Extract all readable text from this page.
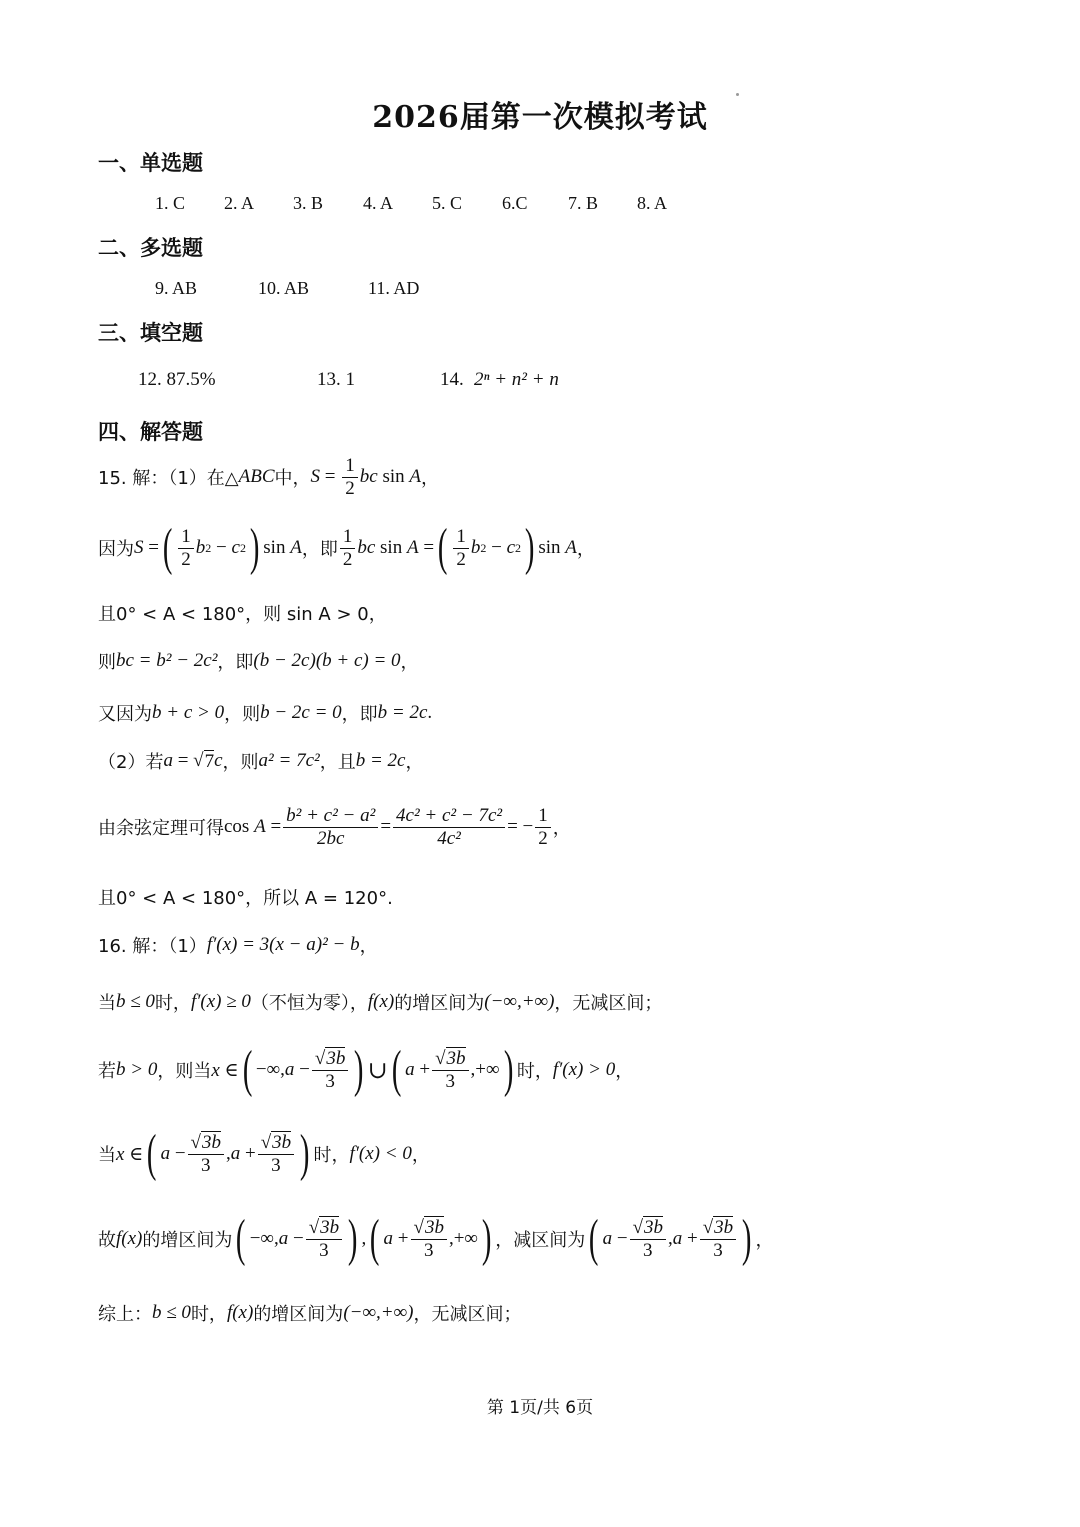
2026届第一次模拟考试
一、单选题
1. C 2. A 3. B 4. A 5. C 6.C 7. B 8. A
二、多选题
9. AB	10. AB	11. AD
三、填空题
12. 87.5%	13. 1	14. 2ⁿ + n² + n
四、解答题
15. 解：（1）在△ ABC 中， $S = \frac{1}{2}$ bc sin A ，
因为 S = ( $\frac{1}{2}$ b 2 − c 2 ) sin A ，即 $\frac{1}{2}$ bc sin A = ( $\frac{1}{2}$ b 2 − c 2 ) sin A ，
且0° < A < 180°，则 sin A > 0，
则 bc = b² − 2c² ，即 (b − 2c)(b + c) = 0 ，
又因为 b + c > 0 ，则 b − 2c = 0 ，即 b = 2c .
（2）若 a = √ 7 c ，则 a² = 7c² ，且 b = 2c ，
由余弦定理可得 $\cos A = \frac{\text{b² + c² − a²}}{2bc} = \frac{\text{4c² + c² − 7c²}}{\text{4c²}}$ = − $\frac{1}{2}$ ，
且0° < A < 180°，所以 A = 120°.
16. 解：（1） f′(x) = 3(x − a)² − b ，
当 b ≤ 0 时， f′(x) ≥ 0 （不恒为零）， f(x) 的增区间为 (−∞,+∞) ，无减区间；
若 b > 0 ，则当 x ∈ ( −∞, $a - \frac{√3b}{3}$ ) ∪ ( $a + \frac{√3b}{3}$ ,+∞ ) 时， f′(x) > 0 ，
当 x ∈ ( $a - \frac{√3b}{3}$ , $a + \frac{√3b}{3}$ ) 时， f′(x) < 0 ，
故 f(x) 的增区间为 ( −∞, $a - \frac{√3b}{3}$ ) , ( $a + \frac{√3b}{3}$ ,+∞ ) ，减区间为 ( $a - \frac{√3b}{3}$ , $a + \frac{√3b}{3}$ ) ，
综上： b ≤ 0 时， f(x) 的增区间为 (−∞,+∞) ，无减区间；
第 1页/共 6页
